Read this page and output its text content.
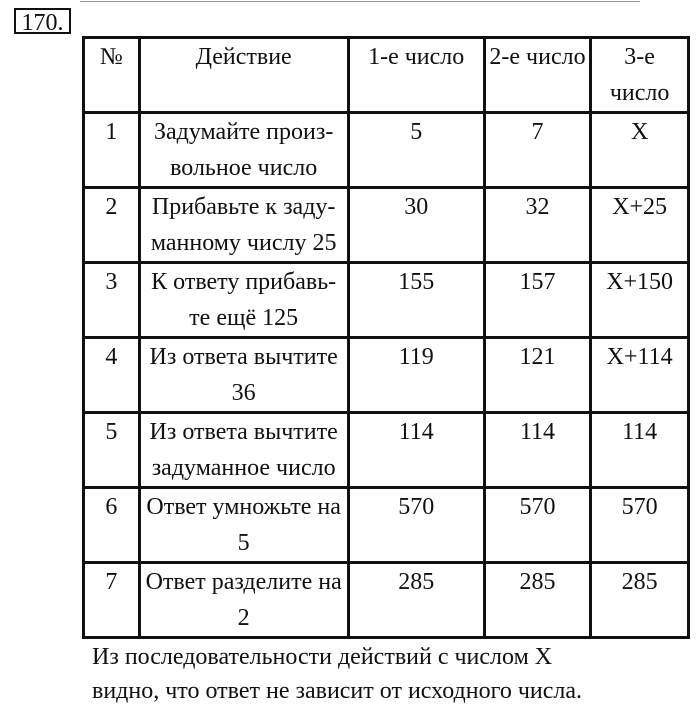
170.
№	Действие	1-е число	2-е число	3-е число
1	Задумайте произ-вольное число	5	7	X
2	Прибавьте к заду-манному числу 25	30	32	X+25
3	К ответу прибавь-те ещё 125	155	157	X+150
4	Из ответа вычтите 36	119	121	X+114
5	Из ответа вычтите задуманное число	114	114	114
6	Ответ умножьте на 5	570	570	570
7	Ответ разделите на 2	285	285	285
Из последовательности действий с числом X
видно, что ответ не зависит от исходного числа.
